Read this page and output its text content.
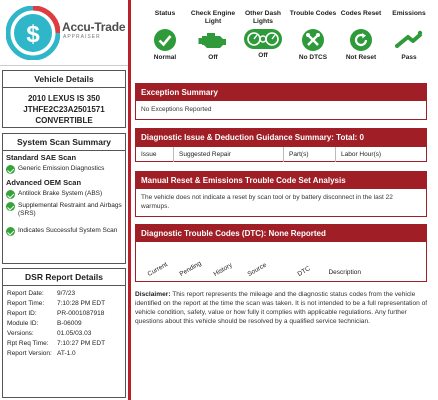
$ Accu-Trade
APPRAISER
Vehicle Details
2010 LEXUS IS 350
JTHFE2C23A2501571
CONVERTIBLE
System Scan Summary
Standard SAE Scan
Generic Emission Diagnostics
Advanced OEM Scan
Antilock Brake System (ABS)
Supplemental Restraint and Airbags (SRS)
Indicates Successful System Scan
DSR Report Details
Report Date:	9/7/23
Report Time:	7:10:28 PM EDT
Report ID:	PR-0001087918
Module ID:	B-06009
Versions:	01.05/03.03
Rpt Req Time:	7:10:27 PM EDT
Report Version: AT-1.0
Status
Normal
Check Engine Light
Off
Other Dash Lights
Off
Trouble Codes
No DTCS
Codes Reset
Not Reset
Emissions
Pass
Exception Summary
No Exceptions Reported
Diagnostic Issue & Deduction Guidance Summary: Total: 0
Issue	Suggested Repair	Part(s)	Labor Hour(s)
Manual Reset & Emissions Trouble Code Set Analysis
The vehicle does not indicate a reset by scan tool or by battery disconnect in the last 22 warmups.
Diagnostic Trouble Codes (DTC): None Reported
Current Pending History Source	DTC	Description
Disclaimer: This report represents the mileage and the diagnostic status codes from the vehicle identified on the report at the time the scan was taken. It is not intended to be a full representation of vehicle condition, safety, value or how fully it complies with applicable regulations. Any further questions about this vehicle should be resolved by a qualified service technician.
